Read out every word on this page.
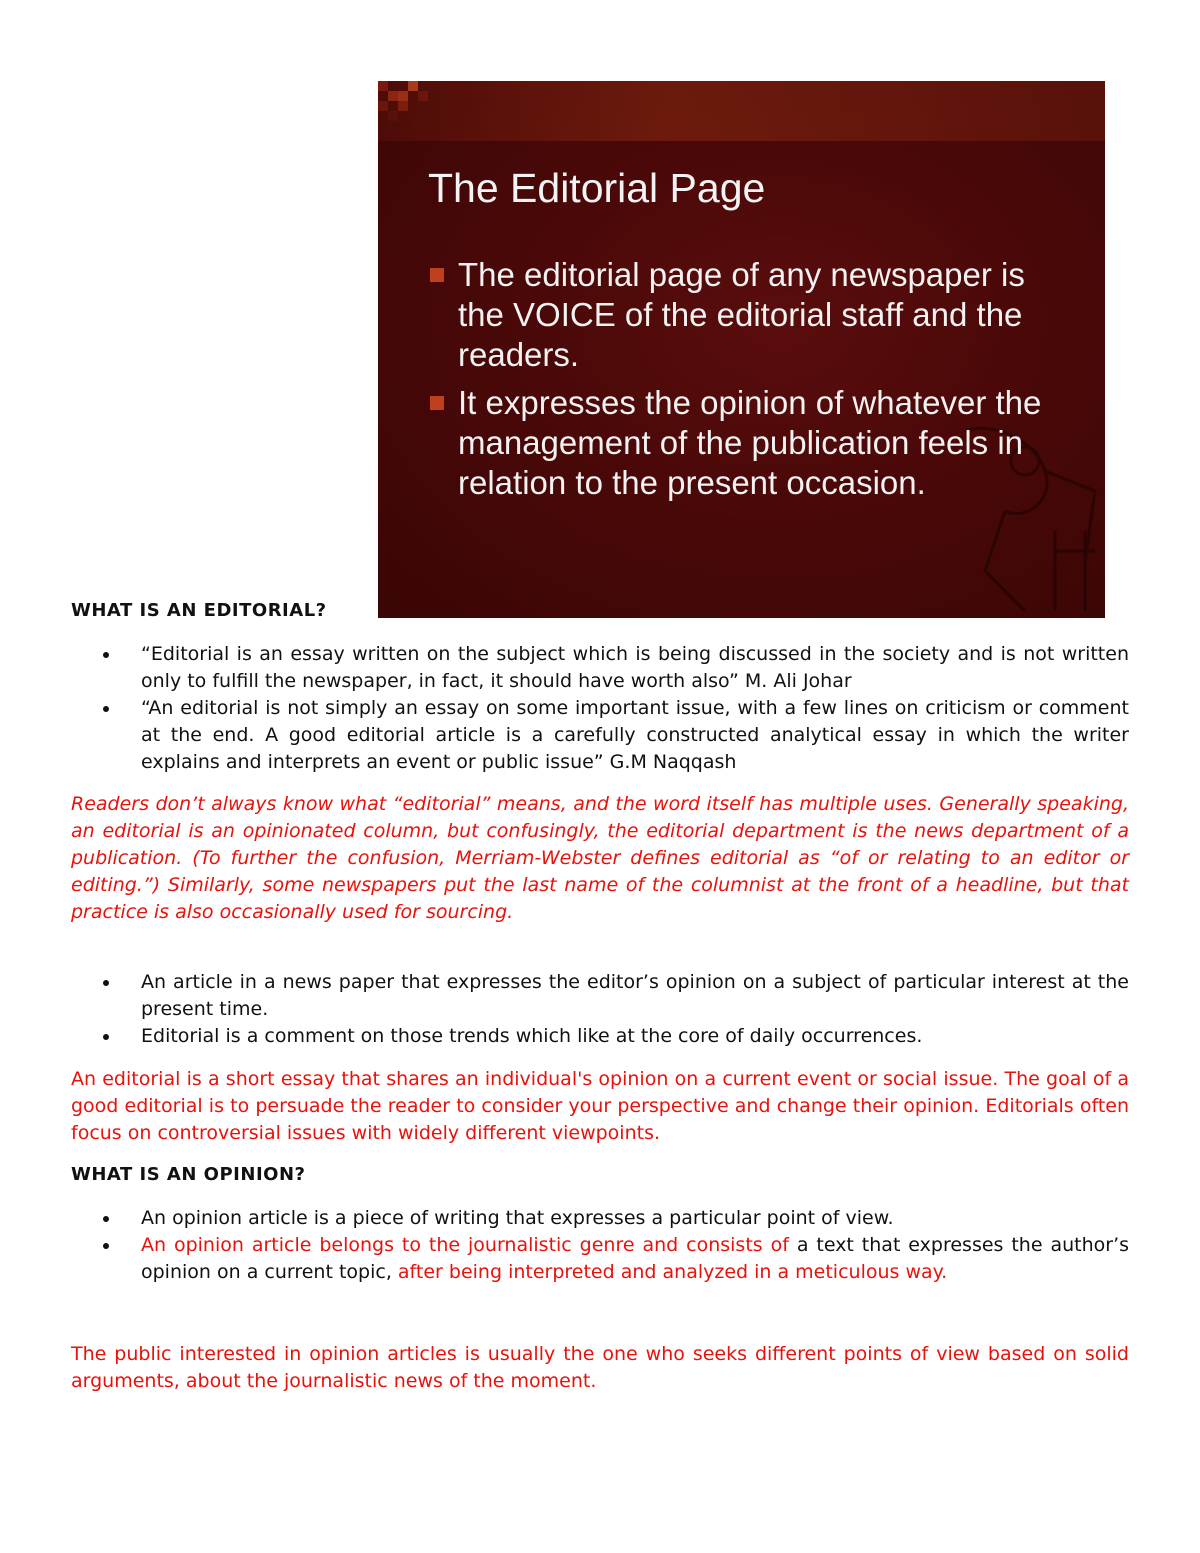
The Editorial Page
The editorial page of any newspaper is the VOICE of the editorial staff and the readers.
It expresses the opinion of whatever the management of the publication feels in relation to the present occasion.
WHAT IS AN EDITORIAL?
“Editorial is an essay written on the subject which is being discussed in the society and is not written only to fulfill the newspaper, in fact, it should have worth also” M. Ali Johar
“An editorial is not simply an essay on some important issue, with a few lines on criticism or comment at the end. A good editorial article is a carefully constructed analytical essay in which the writer explains and interprets an event or public issue” G.M Naqqash

Readers don’t always know what “editorial” means, and the word itself has multiple uses. Generally speaking, an editorial is an opinionated column, but confusingly, the editorial department is the news department of a publication. (To further the confusion, Merriam-Webster defines editorial as “of or relating to an editor or editing.”) Similarly, some newspapers put the last name of the columnist at the front of a headline, but that practice is also occasionally used for sourcing.

An article in a news paper that expresses the editor’s opinion on a subject of particular interest at the present time.
Editorial is a comment on those trends which like at the core of daily occurrences.

An editorial is a short essay that shares an individual's opinion on a current event or social issue. The goal of a good editorial is to persuade the reader to consider your perspective and change their opinion. Editorials often focus on controversial issues with widely different viewpoints.

WHAT IS AN OPINION?
An opinion article is a piece of writing that expresses a particular point of view.
An opinion article belongs to the journalistic genre and consists of a text that expresses the author’s opinion on a current topic, after being interpreted and analyzed in a meticulous way.

The public interested in opinion articles is usually the one who seeks different points of view based on solid arguments, about the journalistic news of the moment.
